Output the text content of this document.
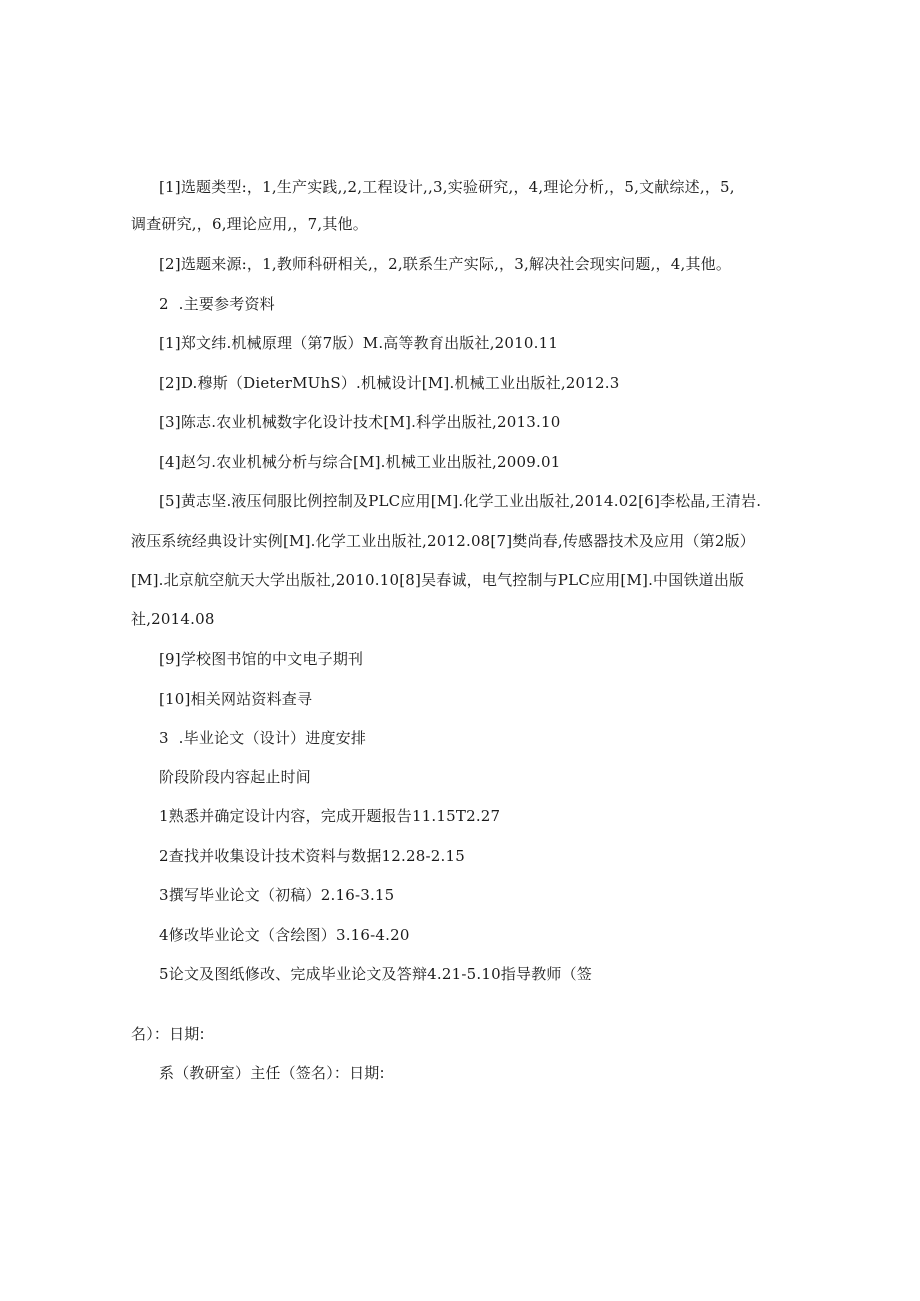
[1]选题类型:，1,生产实践,,2,工程设计,,3,实验研究,，4,理论分析,，5,文献综述,，5,
调查研究,，6,理论应用,，7,其他。
[2]选题来源:，1,教师科研相关,，2,联系生产实际,，3,解决社会现实问题,，4,其他。
2  .主要参考资料
[1]郑文纬.机械原理（第7版）M.高等教育出版社,2010.11
[2]D.穆斯（DieterMUhS）.机械设计[M].机械工业出版社,2012.3
[3]陈志.农业机械数字化设计技术[M].科学出版社,2013.10
[4]赵匀.农业机械分析与综合[M].机械工业出版社,2009.01
[5]黄志坚.液压伺服比例控制及PLC应用[M].化学工业出版社,2014.02[6]李松晶,王清岩.
液压系统经典设计实例[M].化学工业出版社,2012.08[7]樊尚春,传感器技术及应用（第2版）
[M].北京航空航天大学出版社,2010.10[8]吴春诚，电气控制与PLC应用[M].中国铁道出版
社,2014.08
[9]学校图书馆的中文电子期刊
[10]相关网站资料查寻
3  .毕业论文（设计）进度安排
阶段阶段内容起止时间
1熟悉并确定设计内容，完成开题报告11.15T2.27
2查找并收集设计技术资料与数据12.28-2.15
3撰写毕业论文（初稿）2.16-3.15
4修改毕业论文（含绘图）3.16-4.20
5论文及图纸修改、完成毕业论文及答辩4.21-5.10指导教师（签
名）：日期:
系（教研室）主任（签名）：日期:
